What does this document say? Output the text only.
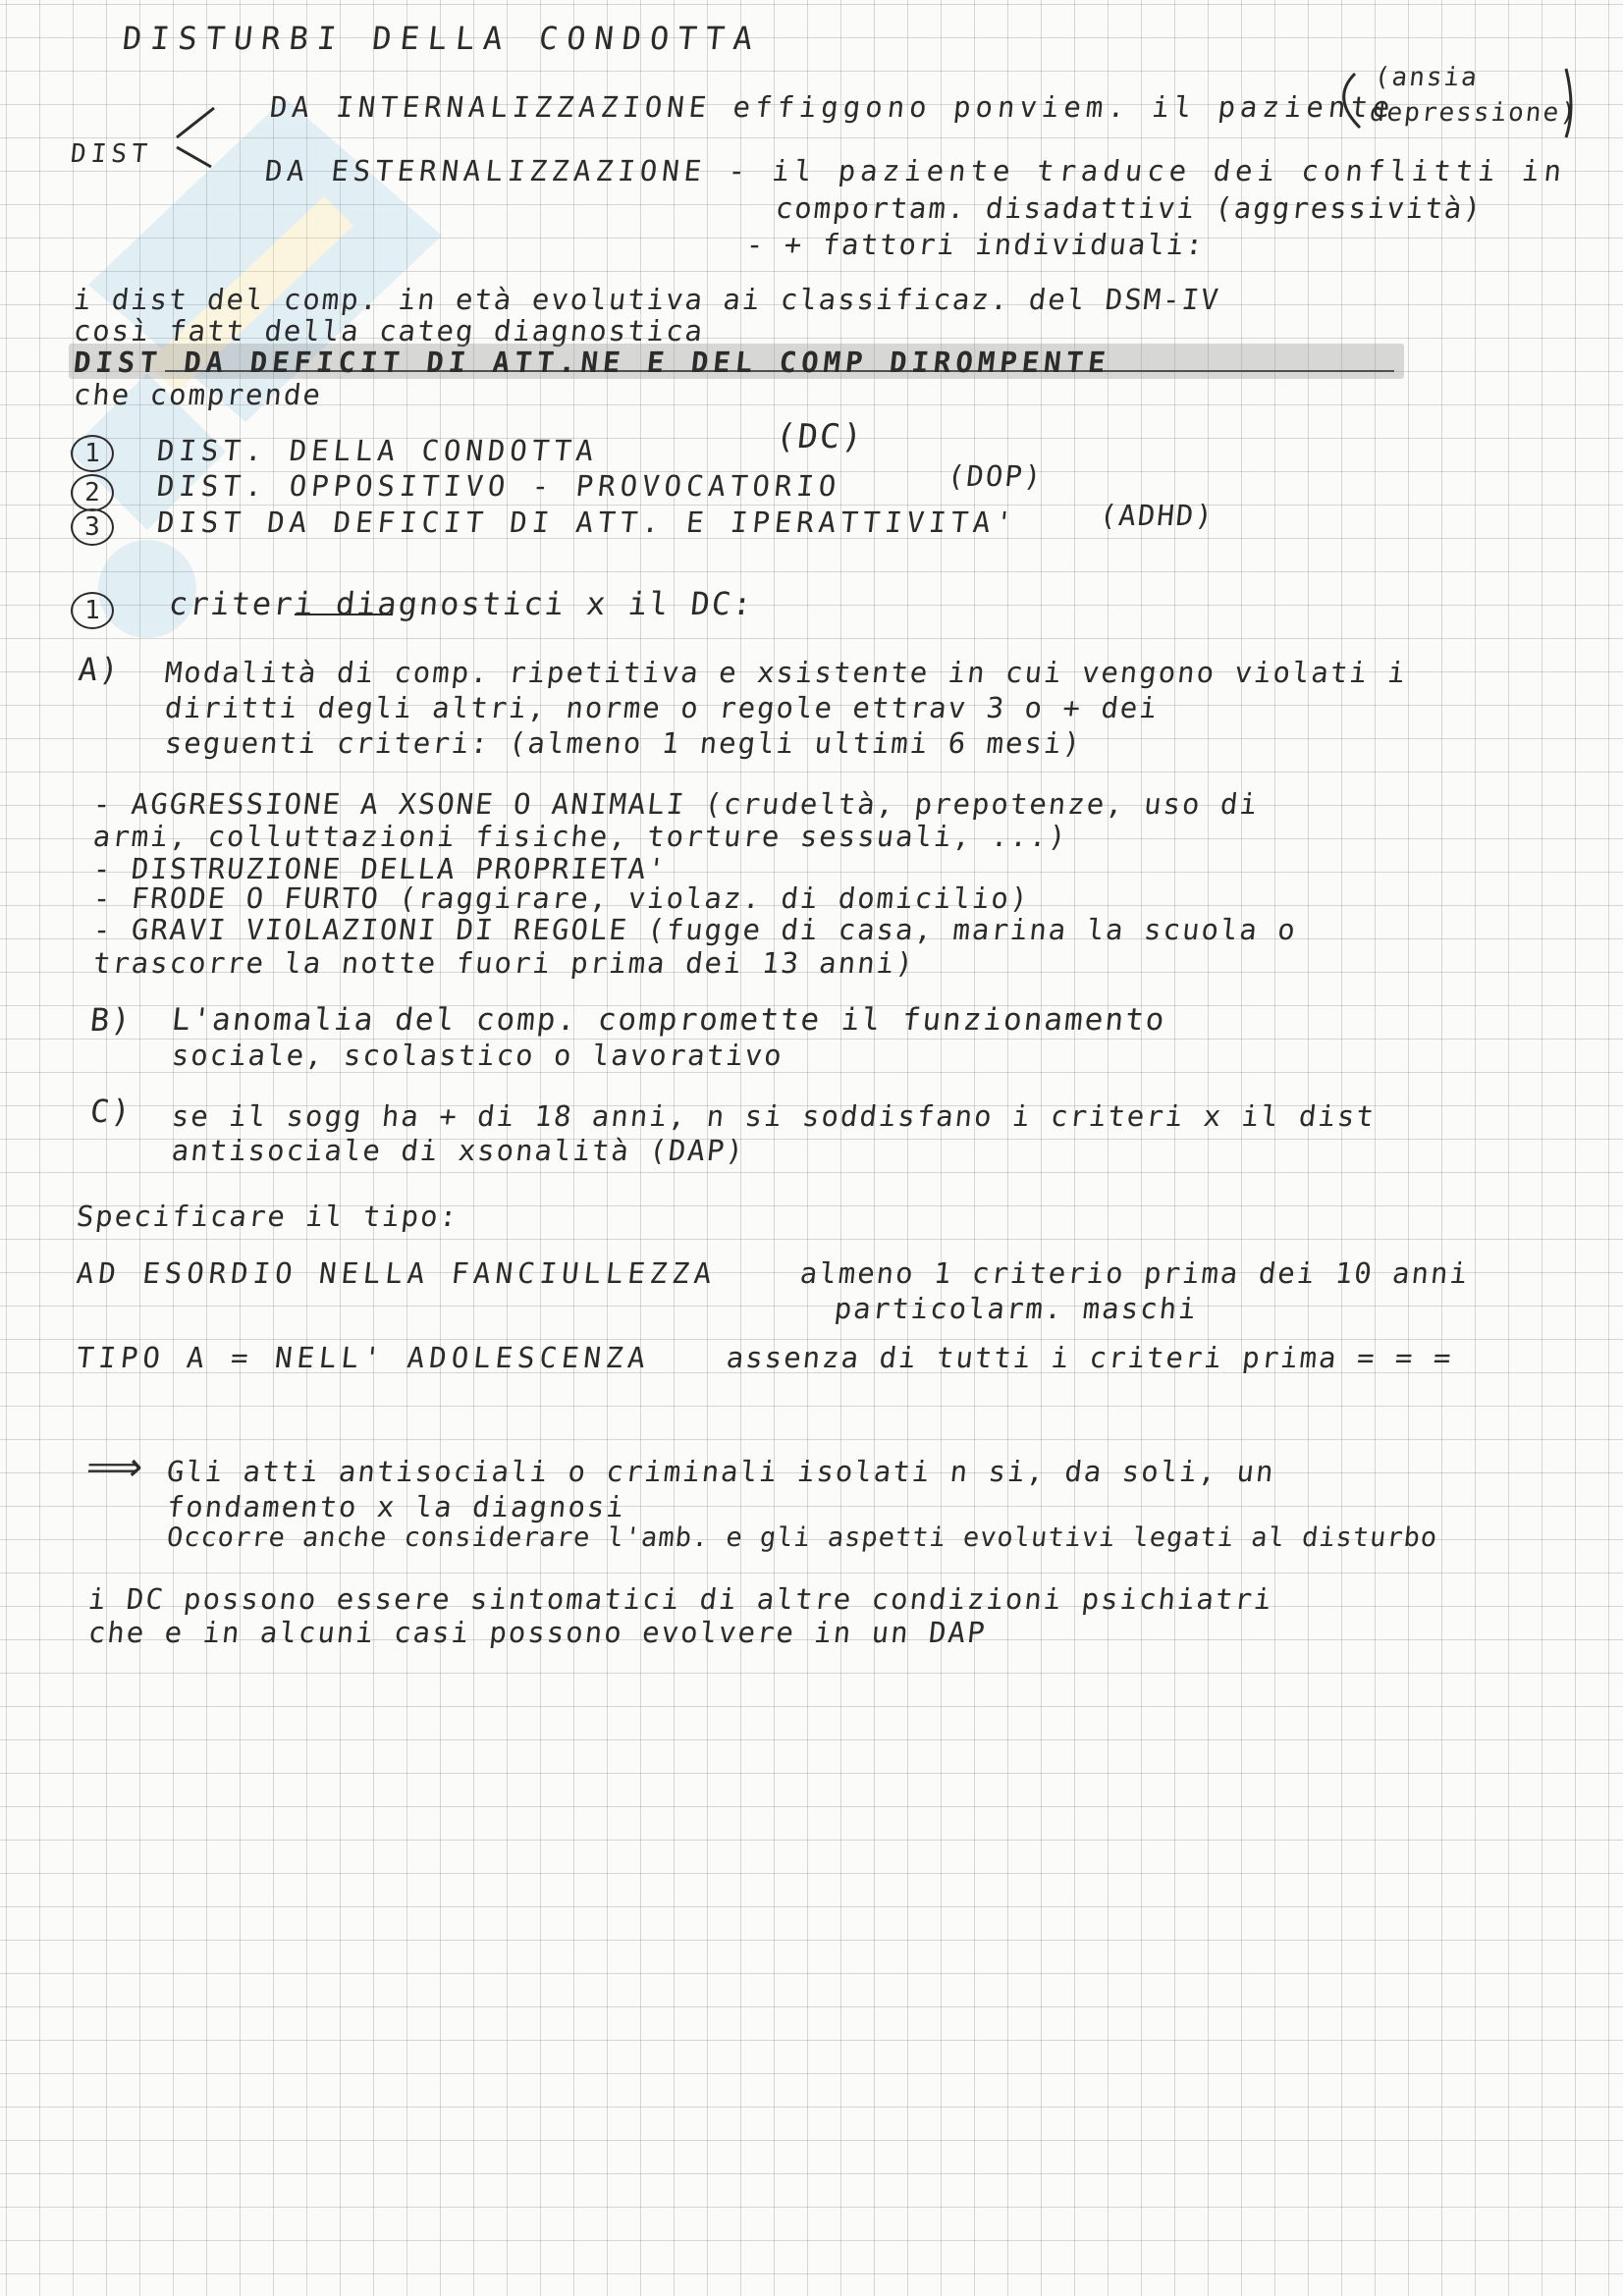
DISTURBI DELLA CONDOTTA
DIST
DA INTERNALIZZAZIONE effiggono ponviem. il paziente
(ansia
depressione)
DA ESTERNALIZZAZIONE - il paziente traduce dei conflitti in
comportam. disadattivi (aggressività)
- + fattori individuali:
i dist del comp. in età evolutiva ai classificaz. del DSM-IV
così fatt della categ diagnostica
DIST DA DEFICIT DI ATT.NE E DEL COMP DIROMPENTE
che comprende
1	DIST. DELLA CONDOTTA	(DC)
2	DIST. OPPOSITIVO - PROVOCATORIO	(DOP)
3	DIST DA DEFICIT DI ATT. E IPERATTIVITA'	(ADHD)
1	criteri diagnostici x il DC:
A) Modalità di comp. ripetitiva e xsistente in cui vengono violati i
diritti degli altri, norme o regole ettrav 3 o + dei
seguenti criteri: (almeno 1 negli ultimi 6 mesi)
- AGGRESSIONE A XSONE O ANIMALI (crudeltà, prepotenze, uso di
armi, colluttazioni fisiche, torture sessuali, ...)
- DISTRUZIONE DELLA PROPRIETA'
- FRODE O FURTO (raggirare, violaz. di domicilio)
- GRAVI VIOLAZIONI DI REGOLE (fugge di casa, marina la scuola o
trascorre la notte fuori prima dei 13 anni)
B) L'anomalia del comp. compromette il funzionamento
sociale, scolastico o lavorativo
C) se il sogg ha + di 18 anni, n si soddisfano i criteri x il dist
antisociale di xsonalità (DAP)
Specificare il tipo:
AD ESORDIO NELLA FANCIULLEZZA	almeno 1 criterio prima dei 10 anni
particolarm. maschi
TIPO A = NELL' ADOLESCENZA	assenza di tutti i criteri prima = = =
⟹ Gli atti antisociali o criminali isolati n si, da soli, un
fondamento x la diagnosi
Occorre anche considerare l'amb. e gli aspetti evolutivi legati al disturbo
i DC possono essere sintomatici di altre condizioni psichiatri
che e in alcuni casi possono evolvere in un DAP
